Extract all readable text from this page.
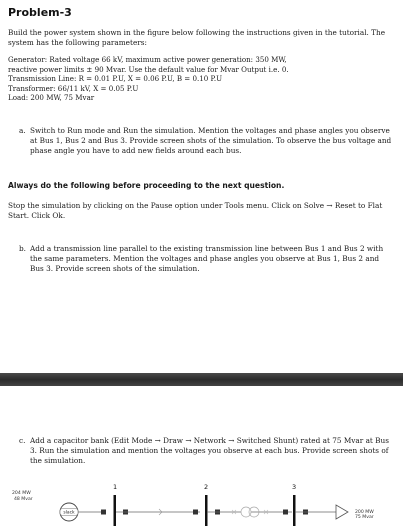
Problem-3

Build the power system shown in the figure below following the instructions given in the tutorial. The system has the following parameters:

Generator: Rated voltage 66 kV, maximum active power generation: 350 MW,
reactive power limits ± 90 Mvar. Use the default value for Mvar Output i.e. 0.
Transmission Line: R = 0.01 P.U, X = 0.06 P.U, B = 0.10 P.U
Transformer: 66/11 kV, X = 0.05 P.U
Load: 200 MW, 75 Mvar
a. Switch to Run mode and Run the simulation. Mention the voltages and phase angles you observe at Bus 1, Bus 2 and Bus 3. Provide screen shots of the simulation. To observe the bus voltage and phase angle you have to add new fields around each bus.

Always do the following before proceeding to the next question.

Stop the simulation by clicking on the Pause option under Tools menu. Click on Solve → Reset to Flat Start. Click Ok.

b. Add a transmission line parallel to the existing transmission line between Bus 1 and Bus 2 with the same parameters. Mention the voltages and phase angles you observe at Bus 1, Bus 2 and Bus 3. Provide screen shots of the simulation.

c. Add a capacitor bank (Edit Mode → Draw → Network → Switched Shunt) rated at 75 Mvar at Bus 3. Run the simulation and mention the voltages you observe at each bus. Provide screen shots of the simulation.

204 MW
48 Mvar
slack
1	2	3
200 MW
75 Mvar
